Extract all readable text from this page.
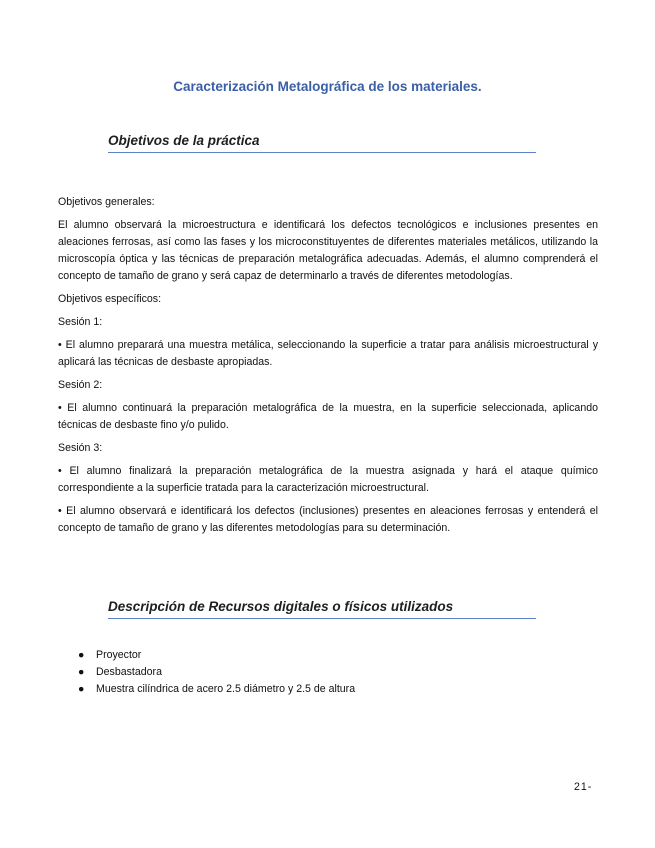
Caracterización Metalográfica de los materiales.
Objetivos de la práctica

Objetivos generales:

El alumno observará la microestructura e identificará los defectos tecnológicos e inclusiones presentes en aleaciones ferrosas, así como las fases y los microconstituyentes de diferentes materiales metálicos, utilizando la microscopía óptica y las técnicas de preparación metalográfica adecuadas. Además, el alumno comprenderá el concepto de tamaño de grano y será capaz de determinarlo a través de diferentes metodologías.

Objetivos específicos:

Sesión 1:

• El alumno preparará una muestra metálica, seleccionando la superficie a tratar para análisis microestructural y aplicará las técnicas de desbaste apropiadas.

Sesión 2:

• El alumno continuará la preparación metalográfica de la muestra, en la superficie seleccionada, aplicando técnicas de desbaste fino y/o pulido.

Sesión 3:

• El alumno finalizará la preparación metalográfica de la muestra asignada y hará el ataque químico correspondiente a la superficie tratada para la caracterización microestructural.

• El alumno observará e identificará los defectos (inclusiones) presentes en aleaciones ferrosas y entenderá el concepto de tamaño de grano y las diferentes metodologías para su determinación.

Descripción de Recursos digitales o físicos utilizados
● Proyector
● Desbastadora
● Muestra cilíndrica de acero 2.5 diámetro y 2.5 de altura
21-
